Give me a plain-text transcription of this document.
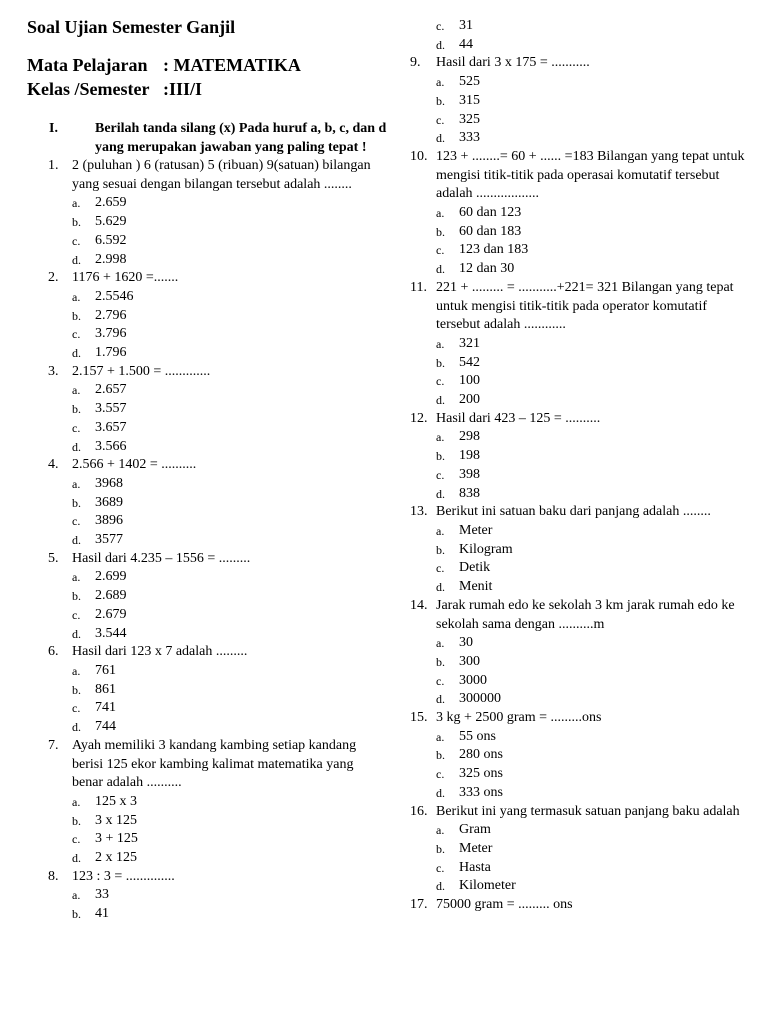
Soal Ujian Semester Ganjil
Mata Pelajaran : MATEMATIKA
Kelas /Semester :III/I
I.	Berilah tanda silang (x) Pada huruf a, b, c, dan d yang merupakan jawaban yang paling tepat !
1. 2 (puluhan ) 6 (ratusan) 5 (ribuan) 9(satuan) bilangan yang sesuai dengan bilangan tersebut adalah ........
a. 2.659
b. 5.629
c. 6.592
d. 2.998
2. 1176 + 1620 =.......
a. 2.5546
b. 2.796
c. 3.796
d. 1.796
3. 2.157 + 1.500 = .............
a. 2.657
b. 3.557
c. 3.657
d. 3.566
4. 2.566 + 1402 = ..........
a. 3968
b. 3689
c. 3896
d. 3577
5. Hasil dari 4.235 – 1556 = .........
a. 2.699
b. 2.689
c. 2.679
d. 3.544
6. Hasil dari 123 x 7 adalah .........
a. 761
b. 861
c. 741
d. 744
7. Ayah memiliki 3 kandang kambing setiap kandang berisi 125 ekor kambing kalimat matematika yang benar adalah ..........
a. 125 x 3
b. 3 x 125
c. 3 + 125
d. 2 x 125
8. 123 : 3 = ..............
a. 33
b. 41
c. 31
d. 44
9. Hasil dari 3 x 175 = ...........
a. 525
b. 315
c. 325
d. 333
10. 123 + ........= 60 + ...... =183 Bilangan yang tepat untuk mengisi titik-titik pada operasai komutatif tersebut adalah ..................
a. 60 dan 123
b. 60 dan 183
c. 123 dan 183
d. 12 dan 30
11. 221 + ......... = ...........+221= 321 Bilangan yang tepat untuk mengisi titik-titik pada operator komutatif tersebut adalah ............
a. 321
b. 542
c. 100
d. 200
12. Hasil dari 423 – 125 = ..........
a. 298
b. 198
c. 398
d. 838
13. Berikut ini satuan baku dari panjang adalah ........
a. Meter
b. Kilogram
c. Detik
d. Menit
14. Jarak rumah edo ke sekolah 3 km jarak rumah edo ke sekolah sama dengan ..........m
a. 30
b. 300
c. 3000
d. 300000
15. 3 kg + 2500 gram = .........ons
a. 55 ons
b. 280 ons
c. 325 ons
d. 333 ons
16. Berikut ini yang termasuk satuan panjang baku adalah
a. Gram
b. Meter
c. Hasta
d. Kilometer
17. 75000 gram = ......... ons
